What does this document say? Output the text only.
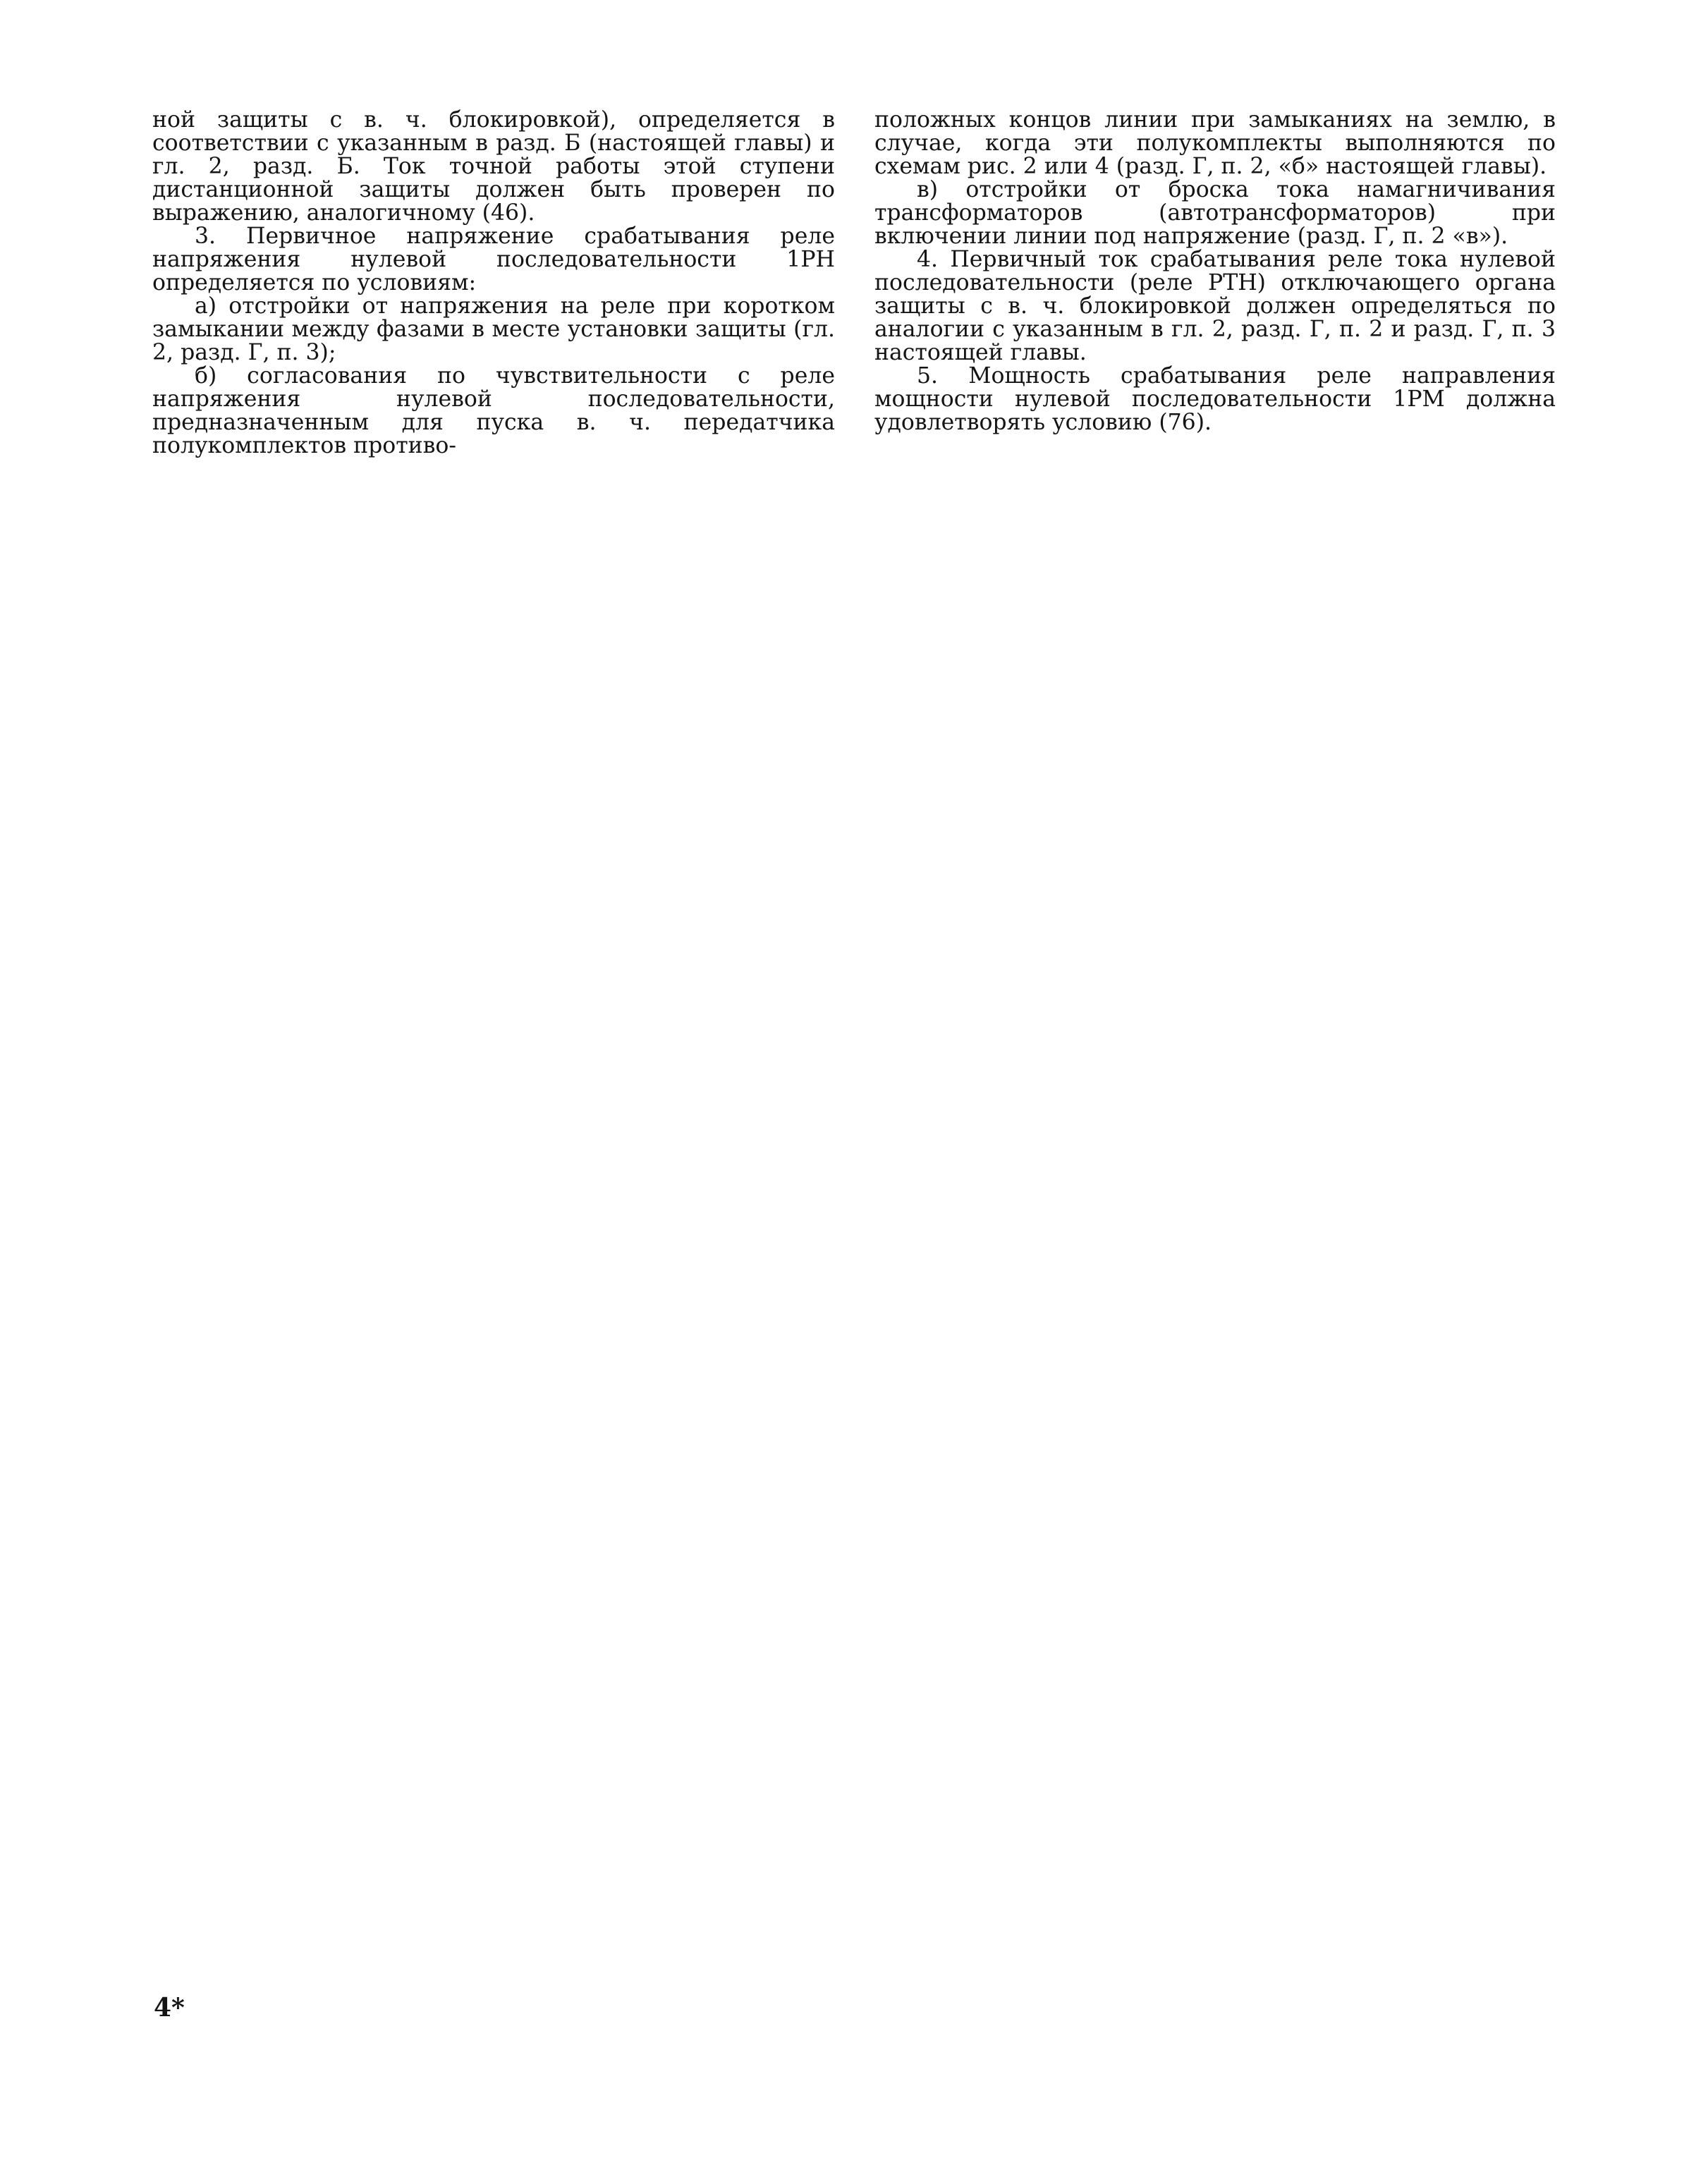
ной защиты с в. ч. блокировкой), определяется в соответствии с указанным в разд. Б (настоящей главы) и гл. 2, разд. Б. Ток точной работы этой ступени дистанционной защиты должен быть проверен по выражению, аналогичному (46).

3. Первичное напряжение срабатывания реле напряжения нулевой последовательности 1РН определяется по условиям:

а) отстройки от напряжения на реле при коротком замыкании между фазами в месте установки защиты (гл. 2, разд. Г, п. 3);

б) согласования по чувствительности с реле напряжения нулевой последовательности, предназначенным для пуска в. ч. передатчика полукомплектов противо-

положных концов линии при замыканиях на землю, в случае, когда эти полукомплекты выполняются по схемам рис. 2 или 4 (разд. Г, п. 2, «б» настоящей главы).

в) отстройки от броска тока намагничивания трансформаторов (автотрансформаторов) при включении линии под напряжение (разд. Г, п. 2 «в»).

4. Первичный ток срабатывания реле тока нулевой последовательности (реле РТН) отключающего органа защиты с в. ч. блокировкой должен определяться по аналогии с указанным в гл. 2, разд. Г, п. 2 и разд. Г, п. 3 настоящей главы.

5. Мощность срабатывания реле направления мощности нулевой последовательности 1РМ должна удовлетворять условию (76).

4*
